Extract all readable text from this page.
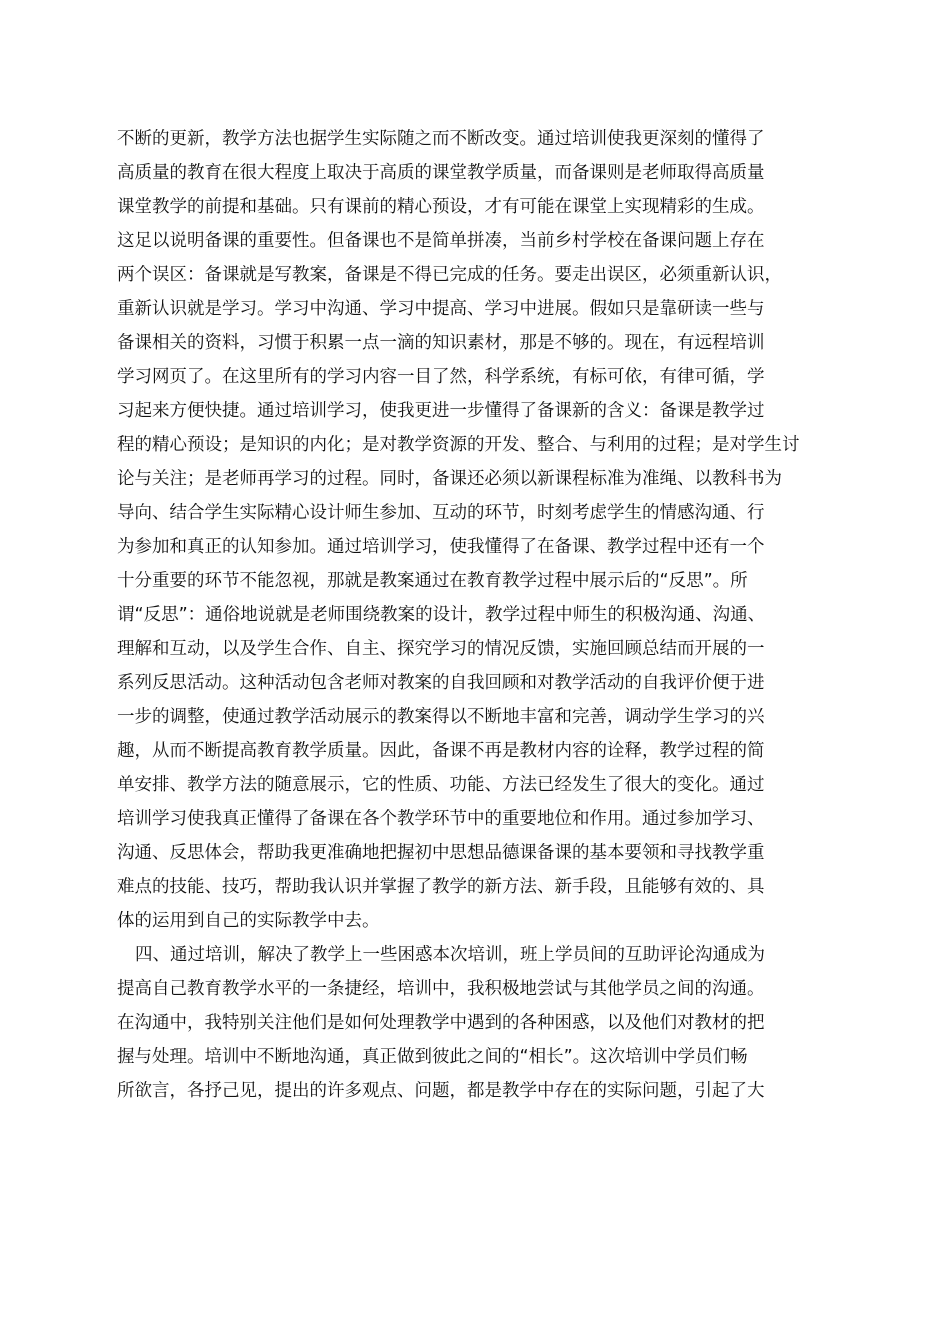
不断的更新，教学方法也据学生实际随之而不断改变。通过培训使我更深刻的懂得了
高质量的教育在很大程度上取决于高质的课堂教学质量，而备课则是老师取得高质量
课堂教学的前提和基础。只有课前的精心预设，才有可能在课堂上实现精彩的生成。
这足以说明备课的重要性。但备课也不是简单拼凑，当前乡村学校在备课问题上存在
两个误区：备课就是写教案，备课是不得已完成的任务。要走出误区，必须重新认识，
重新认识就是学习。学习中沟通、学习中提高、学习中进展。假如只是靠研读一些与
备课相关的资料，习惯于积累一点一滴的知识素材，那是不够的。现在，有远程培训
学习网页了。在这里所有的学习内容一目了然，科学系统，有标可依，有律可循，学
习起来方便快捷。通过培训学习，使我更进一步懂得了备课新的含义：备课是教学过
程的精心预设；是知识的内化；是对教学资源的开发、整合、与利用的过程；是对学生讨
论与关注；是老师再学习的过程。同时，备课还必须以新课程标准为准绳、以教科书为
导向、结合学生实际精心设计师生参加、互动的环节，时刻考虑学生的情感沟通、行
为参加和真正的认知参加。通过培训学习，使我懂得了在备课、教学过程中还有一个
十分重要的环节不能忽视，那就是教案通过在教育教学过程中展示后的“反思”。所
谓“反思”：通俗地说就是老师围绕教案的设计，教学过程中师生的积极沟通、沟通、
理解和互动，以及学生合作、自主、探究学习的情况反馈，实施回顾总结而开展的一
系列反思活动。这种活动包含老师对教案的自我回顾和对教学活动的自我评价便于进
一步的调整，使通过教学活动展示的教案得以不断地丰富和完善，调动学生学习的兴
趣，从而不断提高教育教学质量。因此，备课不再是教材内容的诠释，教学过程的简
单安排、教学方法的随意展示，它的性质、功能、方法已经发生了很大的变化。通过
培训学习使我真正懂得了备课在各个教学环节中的重要地位和作用。通过参加学习、
沟通、反思体会，帮助我更准确地把握初中思想品德课备课的基本要领和寻找教学重
难点的技能、技巧，帮助我认识并掌握了教学的新方法、新手段，且能够有效的、具
体的运用到自己的实际教学中去。
四、通过培训，解决了教学上一些困惑本次培训，班上学员间的互助评论沟通成为
提高自己教育教学水平的一条捷经，培训中，我积极地尝试与其他学员之间的沟通。
在沟通中，我特别关注他们是如何处理教学中遇到的各种困惑，以及他们对教材的把
握与处理。培训中不断地沟通，真正做到彼此之间的“相长”。这次培训中学员们畅
所欲言，各抒己见，提出的许多观点、问题，都是教学中存在的实际问题，引起了大
